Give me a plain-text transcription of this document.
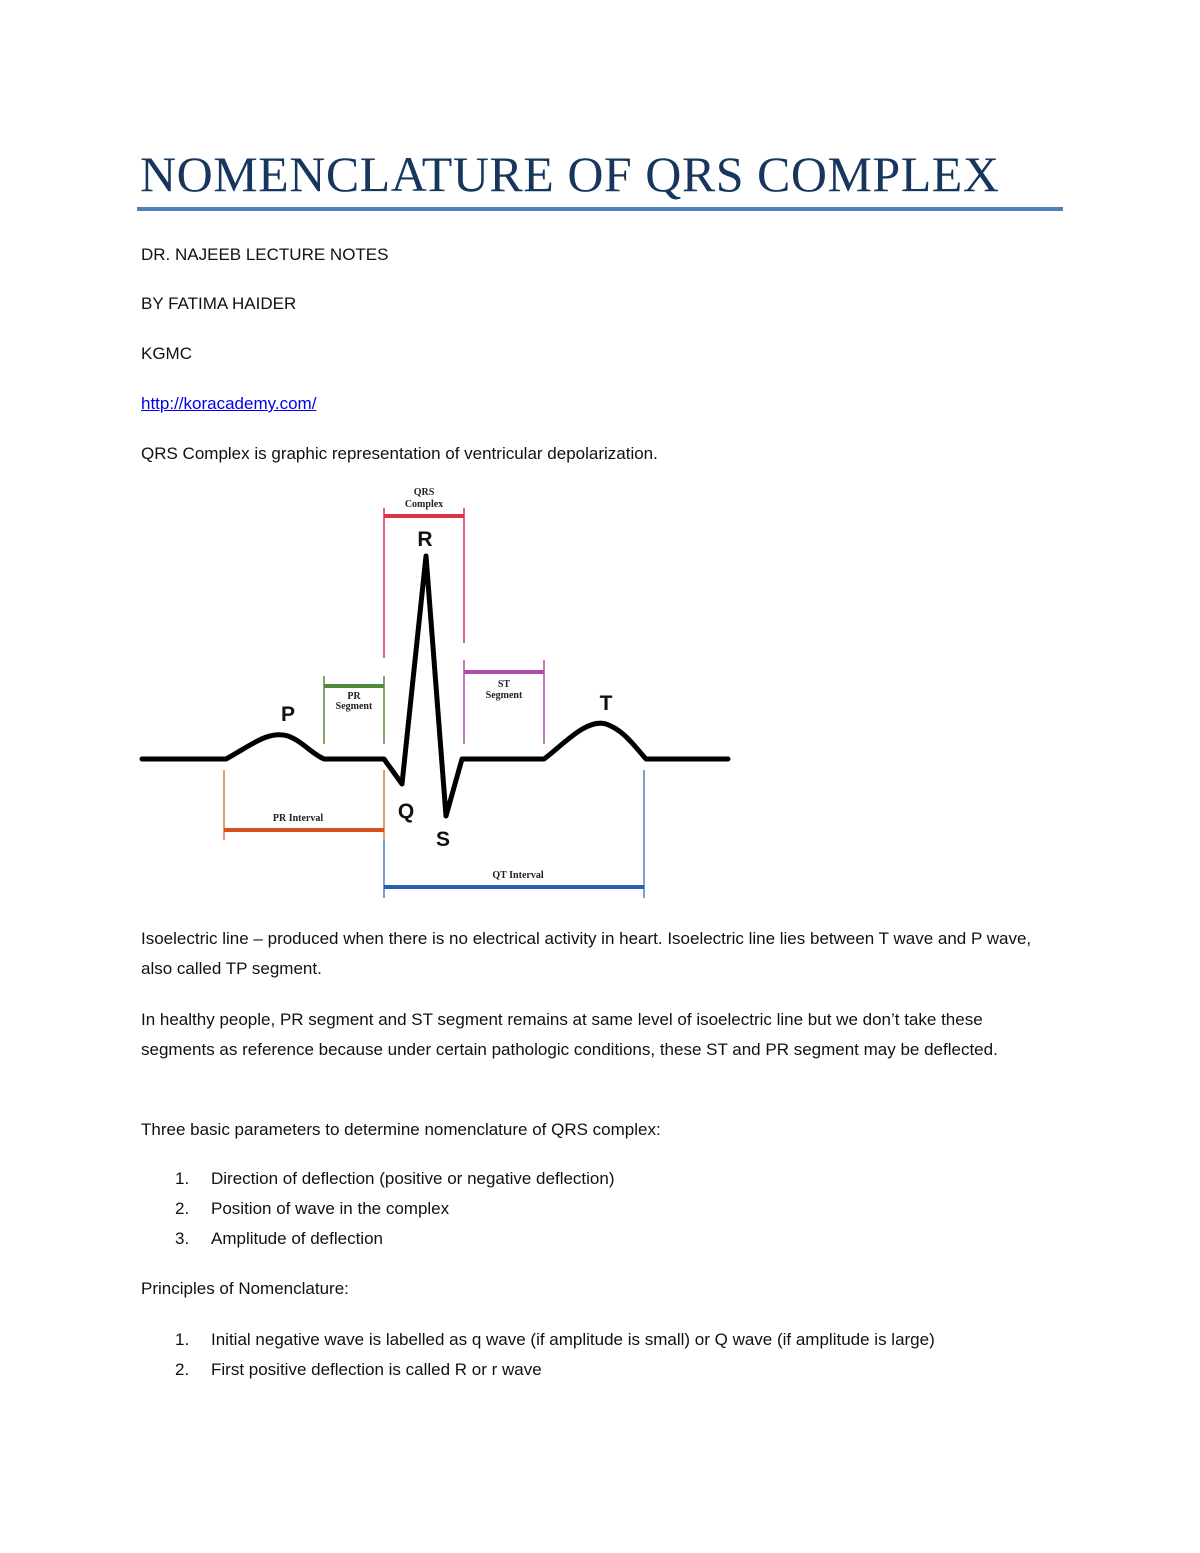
NOMENCLATURE OF QRS COMPLEX

DR. NAJEEB LECTURE NOTES

BY FATIMA HAIDER

KGMC

http://koracademy.com/

QRS Complex is graphic representation of ventricular depolarization.

QRS
Complex
PR
Segment
ST
Segment
PR Interval
QT Interval
R
P	T
Q
S

Isoelectric line – produced when there is no electrical activity in heart. Isoelectric line lies between T wave and P wave, also called TP segment.

In healthy people, PR segment and ST segment remains at same level of isoelectric line but we don’t take these segments as reference because under certain pathologic conditions, these ST and PR segment may be deflected.

Three basic parameters to determine nomenclature of QRS complex:

1. Direction of deflection (positive or negative deflection)
2. Position of wave in the complex
3. Amplitude of deflection

Principles of Nomenclature:

1. Initial negative wave is labelled as q wave (if amplitude is small) or Q wave (if amplitude is large)
2. First positive deflection is called R or r wave
